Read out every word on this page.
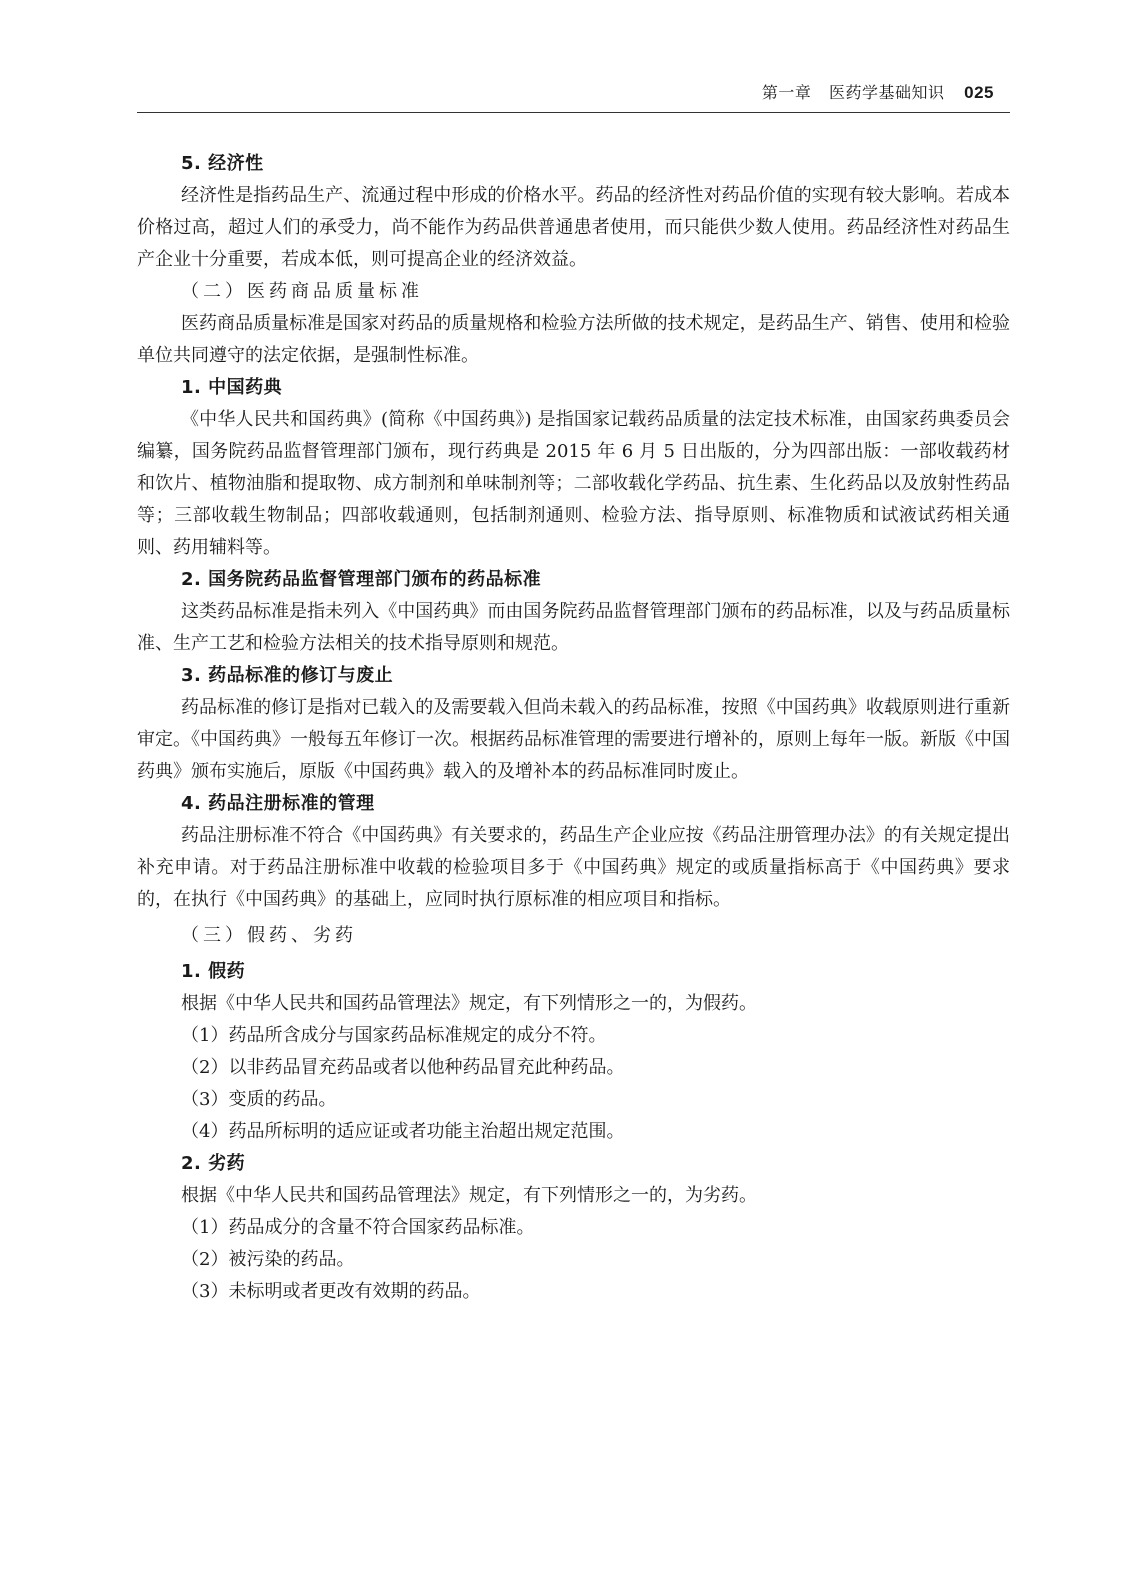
第一章 医药学基础知识 025

5. 经济性

经济性是指药品生产、流通过程中形成的价格水平。药品的经济性对药品价值的实现有较大影响。若成本价格过高，超过人们的承受力，尚不能作为药品供普通患者使用，而只能供少数人使用。药品经济性对药品生产企业十分重要，若成本低，则可提高企业的经济效益。

（二）医药商品质量标准

医药商品质量标准是国家对药品的质量规格和检验方法所做的技术规定，是药品生产、销售、使用和检验单位共同遵守的法定依据，是强制性标准。

1. 中国药典

《中华人民共和国药典》(简称《中国药典》) 是指国家记载药品质量的法定技术标准，由国家药典委员会编纂，国务院药品监督管理部门颁布，现行药典是 2015 年 6 月 5 日出版的，分为四部出版：一部收载药材和饮片、植物油脂和提取物、成方制剂和单味制剂等；二部收载化学药品、抗生素、生化药品以及放射性药品等；三部收载生物制品；四部收载通则，包括制剂通则、检验方法、指导原则、标准物质和试液试药相关通则、药用辅料等。

2. 国务院药品监督管理部门颁布的药品标准

这类药品标准是指未列入《中国药典》而由国务院药品监督管理部门颁布的药品标准，以及与药品质量标准、生产工艺和检验方法相关的技术指导原则和规范。

3. 药品标准的修订与废止

药品标准的修订是指对已载入的及需要载入但尚未载入的药品标准，按照《中国药典》收载原则进行重新审定。《中国药典》一般每五年修订一次。根据药品标准管理的需要进行增补的，原则上每年一版。新版《中国药典》颁布实施后，原版《中国药典》载入的及增补本的药品标准同时废止。

4. 药品注册标准的管理

药品注册标准不符合《中国药典》有关要求的，药品生产企业应按《药品注册管理办法》的有关规定提出补充申请。对于药品注册标准中收载的检验项目多于《中国药典》规定的或质量指标高于《中国药典》要求的，在执行《中国药典》的基础上，应同时执行原标准的相应项目和指标。

（三）假药、劣药

1. 假药

根据《中华人民共和国药品管理法》规定，有下列情形之一的，为假药。

（1）药品所含成分与国家药品标准规定的成分不符。

（2）以非药品冒充药品或者以他种药品冒充此种药品。

（3）变质的药品。

（4）药品所标明的适应证或者功能主治超出规定范围。

2. 劣药

根据《中华人民共和国药品管理法》规定，有下列情形之一的，为劣药。

（1）药品成分的含量不符合国家药品标准。

（2）被污染的药品。

（3）未标明或者更改有效期的药品。
